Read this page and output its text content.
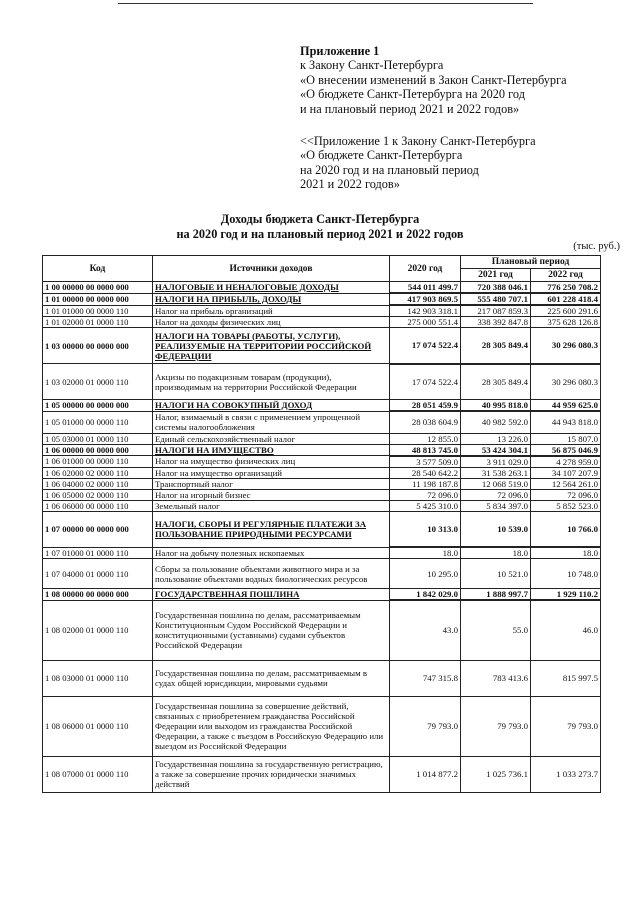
Приложение 1
к Закону Санкт-Петербурга
«О внесении изменений в Закон Санкт-Петербурга
«О бюджете Санкт-Петербурга на 2020 год
и на плановый период 2021 и 2022 годов»
<<Приложение 1 к Закону Санкт-Петербурга
«О бюджете Санкт-Петербурга
на 2020 год и на плановый период
2021 и 2022 годов»
Доходы бюджета Санкт-Петербурга
на 2020 год и на плановый период 2021 и 2022 годов
(тыс. руб.)
Код	Источники доходов	2020 год	Плановый период	
			2021 год	2022 год
1 00 00000 00 0000 000	НАЛОГОВЫЕ И НЕНАЛОГОВЫЕ ДОХОДЫ	544 011 499.7	720 388 046.1	776 250 708.2
1 01 00000 00 0000 000	НАЛОГИ НА ПРИБЫЛЬ, ДОХОДЫ	417 903 869.5	555 480 707.1	601 228 418.4
1 01 01000 00 0000 110	Налог на прибыль организаций	142 903 318.1	217 087 859.3	225 600 291.6
1 01 02000 01 0000 110	Налог на доходы физических лиц	275 000 551.4	338 392 847.8	375 628 126.8
1 03 00000 00 0000 000	НАЛОГИ НА ТОВАРЫ (РАБОТЫ, УСЛУГИ), РЕАЛИЗУЕМЫЕ НА ТЕРРИТОРИИ РОССИЙСКОЙ ФЕДЕРАЦИИ	17 074 522.4	28 305 849.4	30 296 080.3
1 03 02000 01 0000 110	Акцизы по подакцизным товарам (продукции), производимым на территории Российской Федерации	17 074 522.4	28 305 849.4	30 296 080.3
1 05 00000 00 0000 000	НАЛОГИ НА СОВОКУПНЫЙ ДОХОД	28 051 459.9	40 995 818.0	44 959 625.0
1 05 01000 00 0000 110	Налог, взимаемый в связи с применением упрощенной системы налогообложения	28 038 604.9	40 982 592.0	44 943 818.0
1 05 03000 01 0000 110	Единый сельскохозяйственный налог	12 855.0	13 226.0	15 807.0
1 06 00000 00 0000 000	НАЛОГИ НА ИМУЩЕСТВО	48 813 745.0	53 424 304.1	56 875 046.9
1 06 01000 00 0000 110	Налог на имущество физических лиц	3 577 509.0	3 911 029.0	4 278 959.0
1 06 02000 02 0000 110	Налог на имущество организаций	28 540 642.2	31 538 263.1	34 107 207.9
1 06 04000 02 0000 110	Транспортный налог	11 198 187.8	12 068 519.0	12 564 261.0
1 06 05000 02 0000 110	Налог на игорный бизнес	72 096.0	72 096.0	72 096.0
1 06 06000 00 0000 110	Земельный налог	5 425 310.0	5 834 397.0	5 852 523.0
1 07 00000 00 0000 000	НАЛОГИ, СБОРЫ И РЕГУЛЯРНЫЕ ПЛАТЕЖИ ЗА ПОЛЬЗОВАНИЕ ПРИРОДНЫМИ РЕСУРСАМИ	10 313.0	10 539.0	10 766.0
1 07 01000 01 0000 110	Налог на добычу полезных ископаемых	18.0	18.0	18.0
1 07 04000 01 0000 110	Сборы за пользование объектами животного мира и за пользование объектами водных биологических ресурсов	10 295.0	10 521.0	10 748.0
1 08 00000 00 0000 000	ГОСУДАРСТВЕННАЯ ПОШЛИНА	1 842 029.0	1 888 997.7	1 929 110.2
1 08 02000 01 0000 110	Государственная пошлина по делам, рассматриваемым Конституционным Судом Российской Федерации и конституционными (уставными) судами субъектов Российской Федерации	43.0	55.0	46.0
1 08 03000 01 0000 110	Государственная пошлина по делам, рассматриваемым в судах общей юрисдикции, мировыми судьями	747 315.8	783 413.6	815 997.5
1 08 06000 01 0000 110	Государственная пошлина за совершение действий, связанных с приобретением гражданства Российской Федерации или выходом из гражданства Российской Федерации, а также с въездом в Российскую Федерацию или выездом из Российской Федерации	79 793.0	79 793.0	79 793.0
1 08 07000 01 0000 110	Государственная пошлина за государственную регистрацию, а также за совершение прочих юридически значимых действий	1 014 877.2	1 025 736.1	1 033 273.7
